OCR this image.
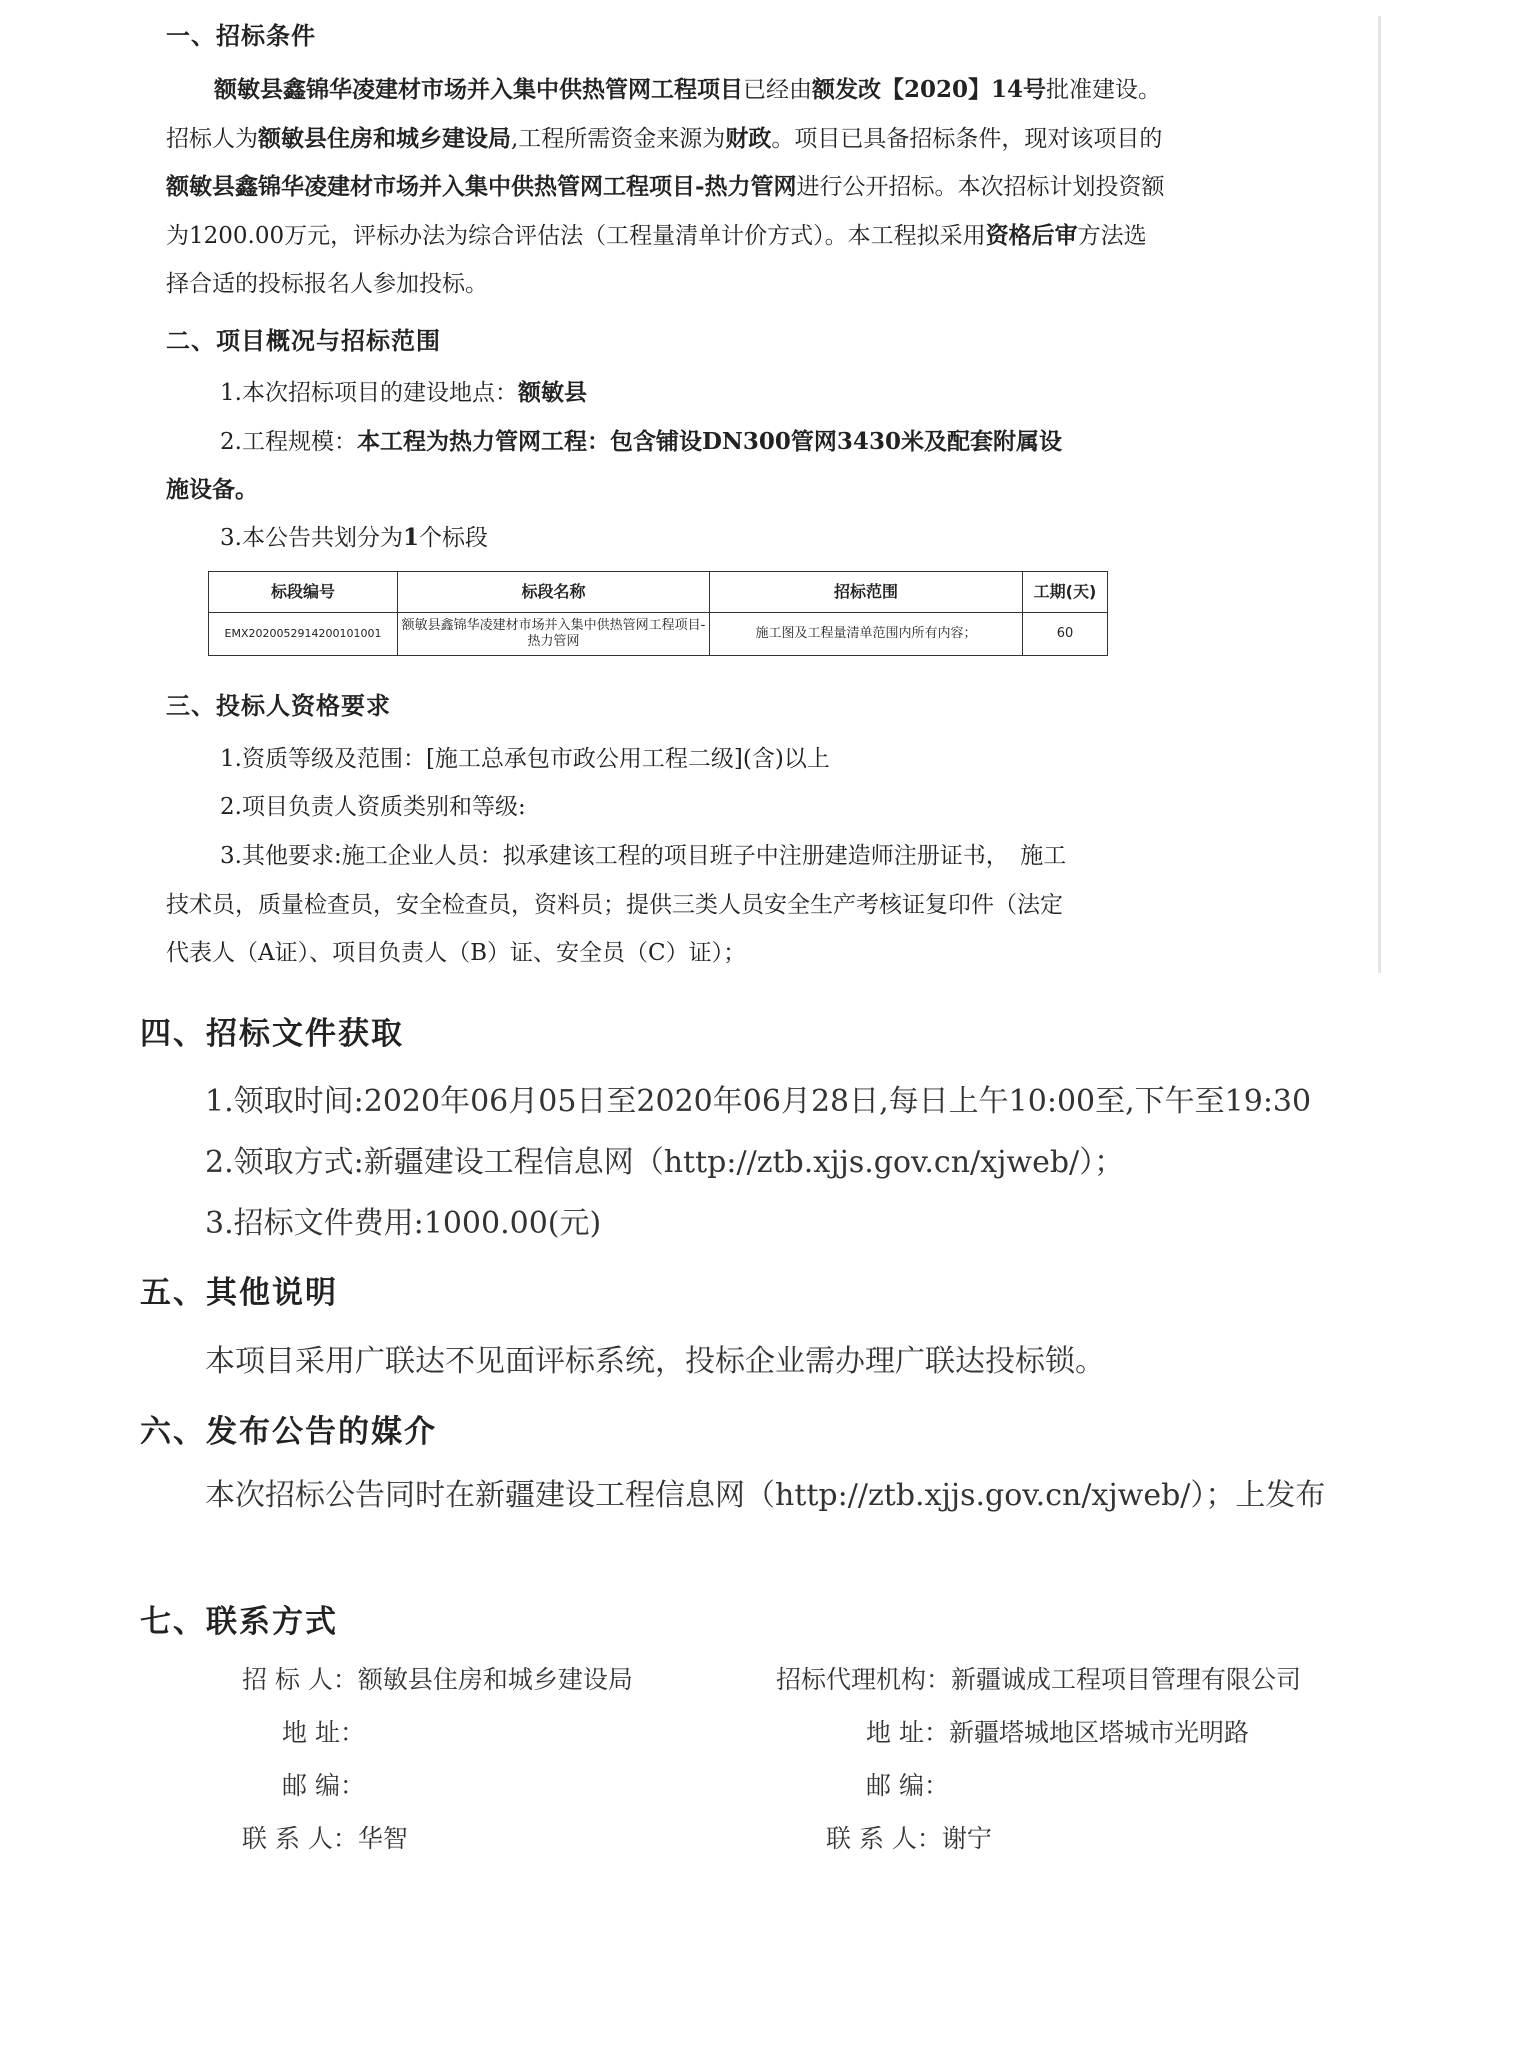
一、招标条件
额敏县鑫锦华凌建材市场并入集中供热管网工程项目已经由额发改【2020】14号批准建设。招标人为额敏县住房和城乡建设局,工程所需资金来源为财政。项目已具备招标条件，现对该项目的额敏县鑫锦华凌建材市场并入集中供热管网工程项目-热力管网进行公开招标。本次招标计划投资额为1200.00万元，评标办法为综合评估法（工程量清单计价方式）。本工程拟采用资格后审方法选择合适的投标报名人参加投标。
二、项目概况与招标范围
1.本次招标项目的建设地点：额敏县
2.工程规模：本工程为热力管网工程：包含铺设DN300管网3430米及配套附属设
施设备。
3.本公告共划分为1个标段
标段编号	标段名称	招标范围	工期(天)
EMX2020052914200101001	额敏县鑫锦华凌建材市场并入集中供热管网工程项目-热力管网	施工图及工程量清单范围内所有内容；	60
三、投标人资格要求
1.资质等级及范围：[施工总承包市政公用工程二级](含)以上
2.项目负责人资质类别和等级:
3.其他要求:施工企业人员：拟承建该工程的项目班子中注册建造师注册证书，　施工
技术员，质量检查员，安全检查员，资料员；提供三类人员安全生产考核证复印件（法定
代表人（A证）、项目负责人（B）证、安全员（C）证）；
四、招标文件获取
1.领取时间:2020年06月05日至2020年06月28日,每日上午10:00至,下午至19:30
2.领取方式:新疆建设工程信息网（http://ztb.xjjs.gov.cn/xjweb/）；
3.招标文件费用:1000.00(元)
五、其他说明
本项目采用广联达不见面评标系统，投标企业需办理广联达投标锁。
六、发布公告的媒介
本次招标公告同时在新疆建设工程信息网（http://ztb.xjjs.gov.cn/xjweb/）；上发布
七、联系方式
招 标 人：额敏县住房和城乡建设局
地 址：
邮 编：
联 系 人：华智
招标代理机构：新疆诚成工程项目管理有限公司
地 址：新疆塔城地区塔城市光明路
邮 编：
联 系 人：谢宁
